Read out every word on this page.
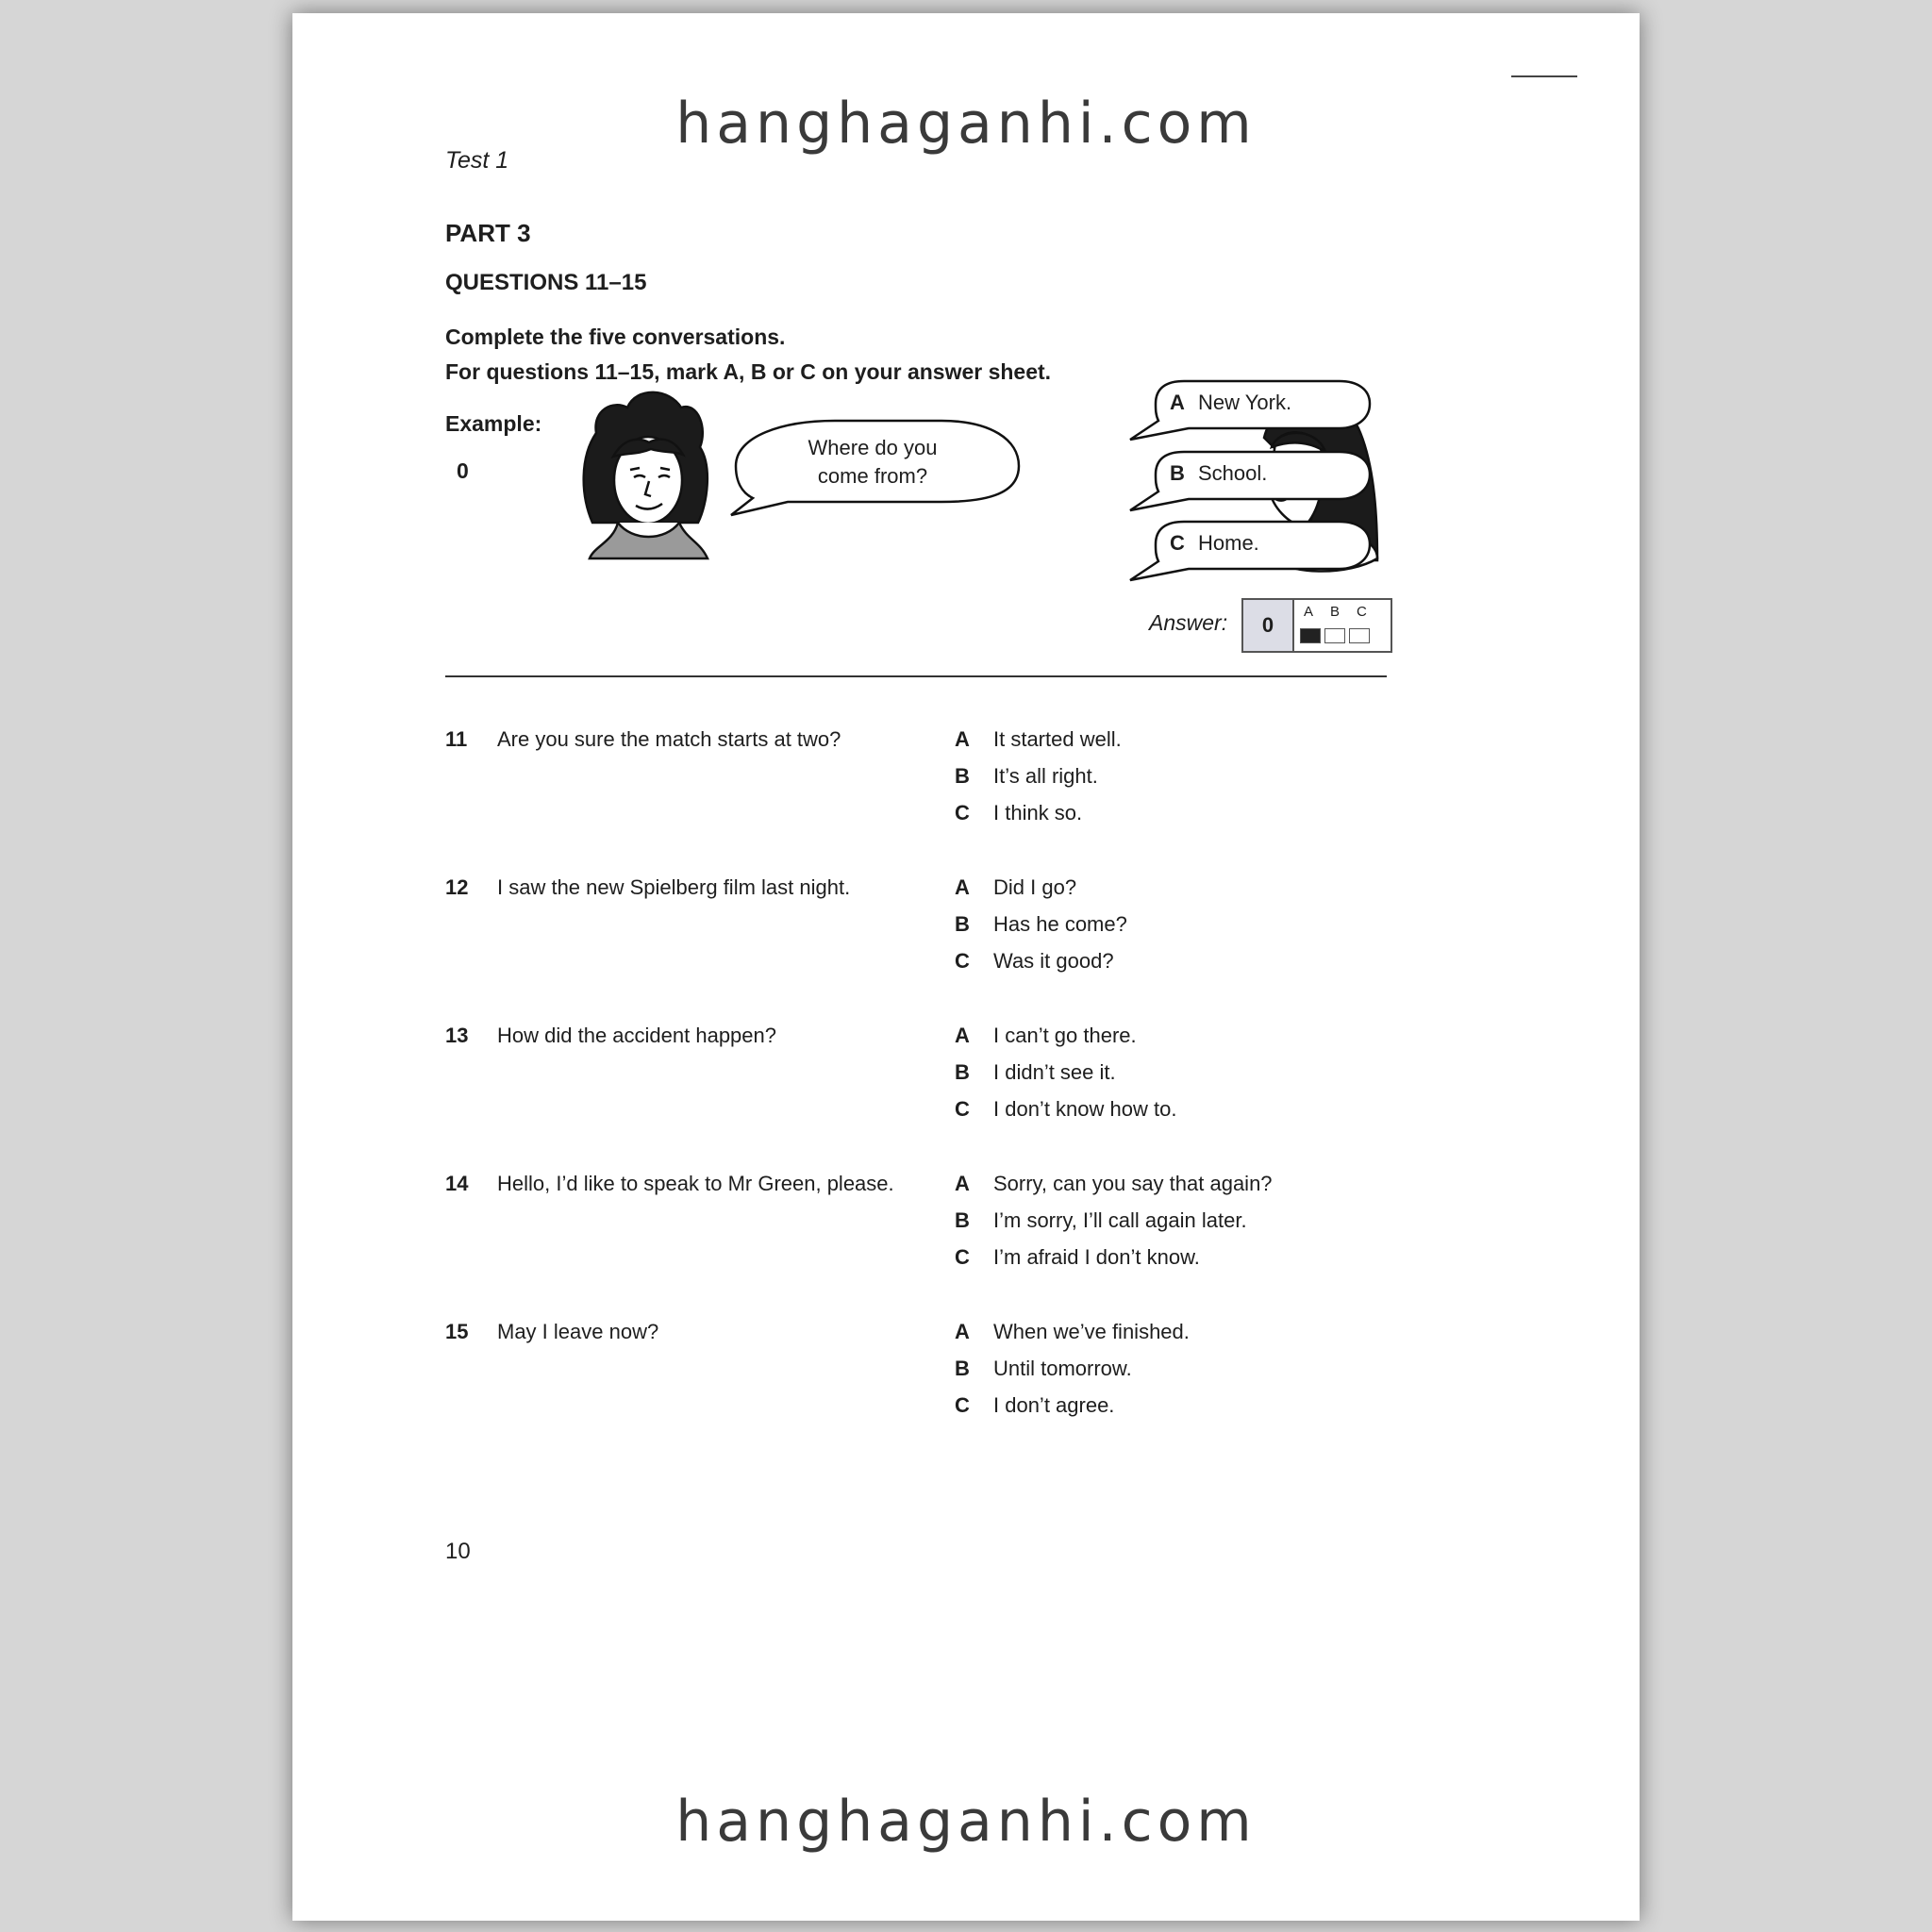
hanghaganhi.com
Test 1
PART 3
QUESTIONS 11–15
Complete the five conversations.
For questions 11–15, mark A, B or C on your answer sheet.
Example:
0
Where do you
come from?
A New York.
B School.
C Home.
Answer:	0
A B C
11 Are you sure the match starts at two?	A	It started well.
B	It’s all right.
C	I think so.
12 I saw the new Spielberg film last night.	A	Did I go?
B	Has he come?
C	Was it good?
13 How did the accident happen?	A	I can’t go there.
B	I didn’t see it.
C	I don’t know how to.
14 Hello, I’d like to speak to Mr Green, please.	A	Sorry, can you say that again?
B	I’m sorry, I’ll call again later.
C	I’m afraid I don’t know.
15 May I leave now?	A	When we’ve finished.
B	Until tomorrow.
C	I don’t agree.
10
hanghaganhi.com
